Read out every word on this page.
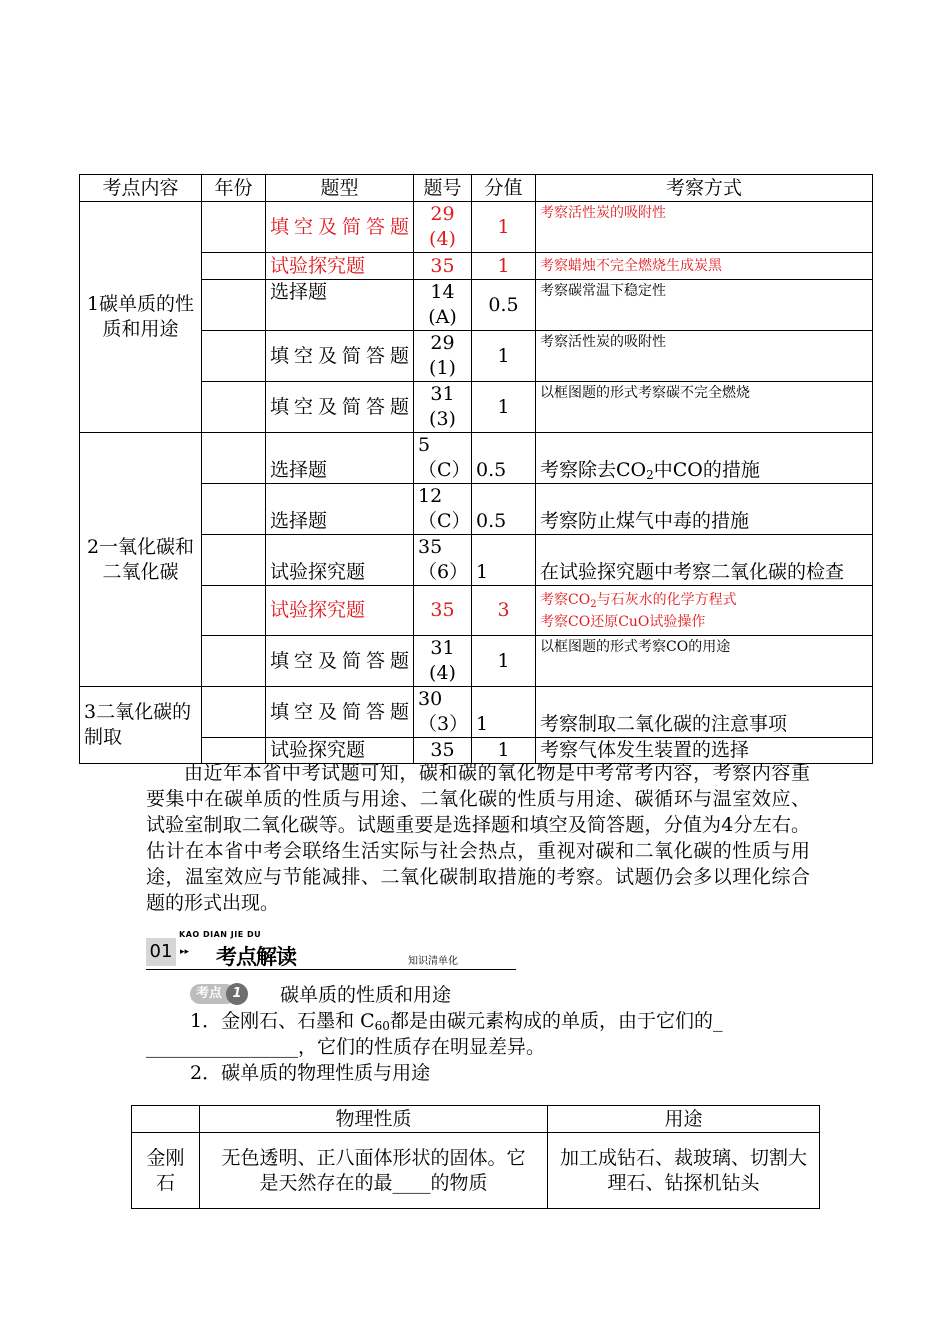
考点内容	年份	题型	题号	分值	考察方式
1碳单质的性质和用途		填空及简答题	29(4)	1	考察活性炭的吸附性
		试验探究题	35	1	考察蜡烛不完全燃烧生成炭黑
		选择题	14(A)	0.5	考察碳常温下稳定性
		填空及简答题	29(1)	1	考察活性炭的吸附性
		填空及简答题	31(3)	1	以框图题的形式考察碳不完全燃烧
2一氧化碳和二氧化碳		选择题	5（C）	0.5	考察除去$CO_2$中CO的措施
		选择题	12（C）	0.5	考察防止煤气中毒的措施
		试验探究题	35（6）	1	在试验探究题中考察二氧化碳的检查
		试验探究题	35	3	考察$CO_2$与石灰水的化学方程式
考察CO还原CuO试验操作
		填空及简答题	31(4)	1	以框图题的形式考察CO的用途
3二氧化碳的制取		填空及简答题	30（3）	1	考察制取二氧化碳的注意事项
		试验探究题	35	1	考察气体发生装置的选择

由近年本省中考试题可知，碳和碳的氧化物是中考常考内容，考察内容重要集中在碳单质的性质与用途、二氧化碳的性质与用途、碳循环与温室效应、试验室制取二氧化碳等。试题重要是选择题和填空及简答题，分值为4分左右。估计在本省中考会联络生活实际与社会热点，重视对碳和二氧化碳的性质与用途，温室效应与节能减排、二氧化碳制取措施的考察。试题仍会多以理化综合题的形式出现。

KAO DIAN JIE DU
01 ▸▸ 考点解读	知识清单化
考点 1	碳单质的性质和用途

1．金刚石、石墨和 $C_{60}$都是由碳元素构成的单质，由于它们的_

________________，它们的性质存在明显差异。

2．碳单质的物理性质与用途

	物理性质	用途
金刚石	无色透明、正八面体形状的固体。它是天然存在的最____的物质	加工成钻石、裁玻璃、切割大理石、钻探机钻头
